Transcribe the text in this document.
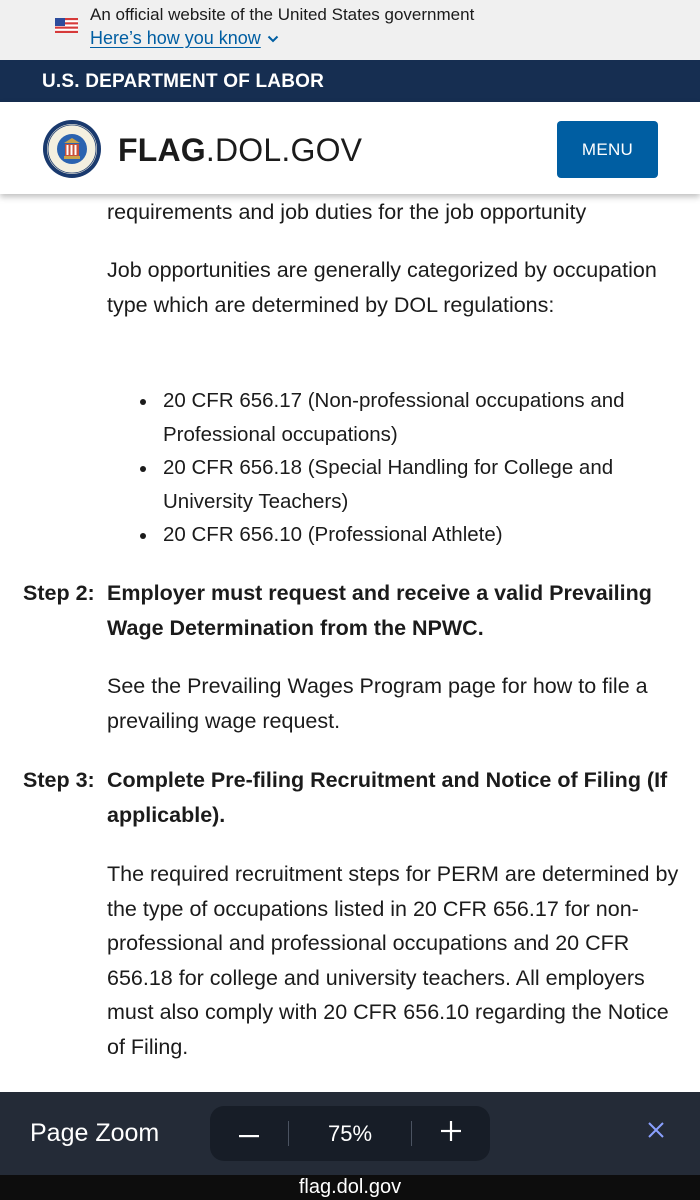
An official website of the United States government
Here’s how you know
U.S. DEPARTMENT OF LABOR
FLAG.DOL.GOV	MENU

requirements and job duties for the job opportunity

Job opportunities are generally categorized by occupation type which are determined by DOL regulations:

20 CFR 656.17 (Non-professional occupations and Professional occupations)
20 CFR 656.18 (Special Handling for College and University Teachers)
20 CFR 656.10 (Professional Athlete)
Step 2: Employer must request and receive a valid Prevailing Wage Determination from the NPWC.

See the Prevailing Wages Program page for how to file a prevailing wage request.

Step 3: Complete Pre-filing Recruitment and Notice of Filing (If applicable).

The required recruitment steps for PERM are determined by the type of occupations listed in 20 CFR 656.17 for non-professional and professional occupations and 20 CFR 656.18 for college and university teachers. All employers must also comply with 20 CFR 656.10 regarding the Notice of Filing.

Page Zoom	75%
flag.dol.gov
